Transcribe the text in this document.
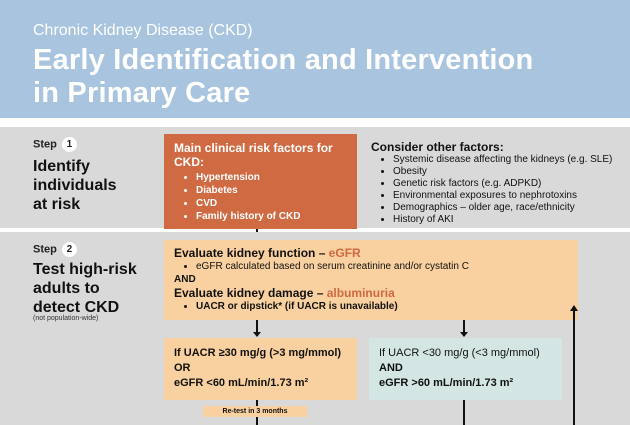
Chronic Kidney Disease (CKD)
Early Identification and Intervention
in Primary Care
Step 1
Identify
individuals
at risk
Main clinical risk factors for CKD:
• Hypertension
• Diabetes
• CVD
• Family history of CKD
Consider other factors:
• Systemic disease affecting the kidneys (e.g. SLE)
• Obesity
• Genetic risk factors (e.g. ADPKD)
• Environmental exposures to nephrotoxins
• Demographics – older age, race/ethnicity
• History of AKI
Step 2
Test high-risk
adults to
detect CKD
(not population-wide)
Evaluate kidney function – eGFR
• eGFR calculated based on serum creatinine and/or cystatin C
AND
Evaluate kidney damage – albuminuria
• UACR or dipstick* (if UACR is unavailable)
If UACR ≥30 mg/g (>3 mg/mmol)
OR
eGFR <60 mL/min/1.73 m²
If UACR <30 mg/g (<3 mg/mmol)
AND
eGFR >60 mL/min/1.73 m²
Re-test in 3 months
